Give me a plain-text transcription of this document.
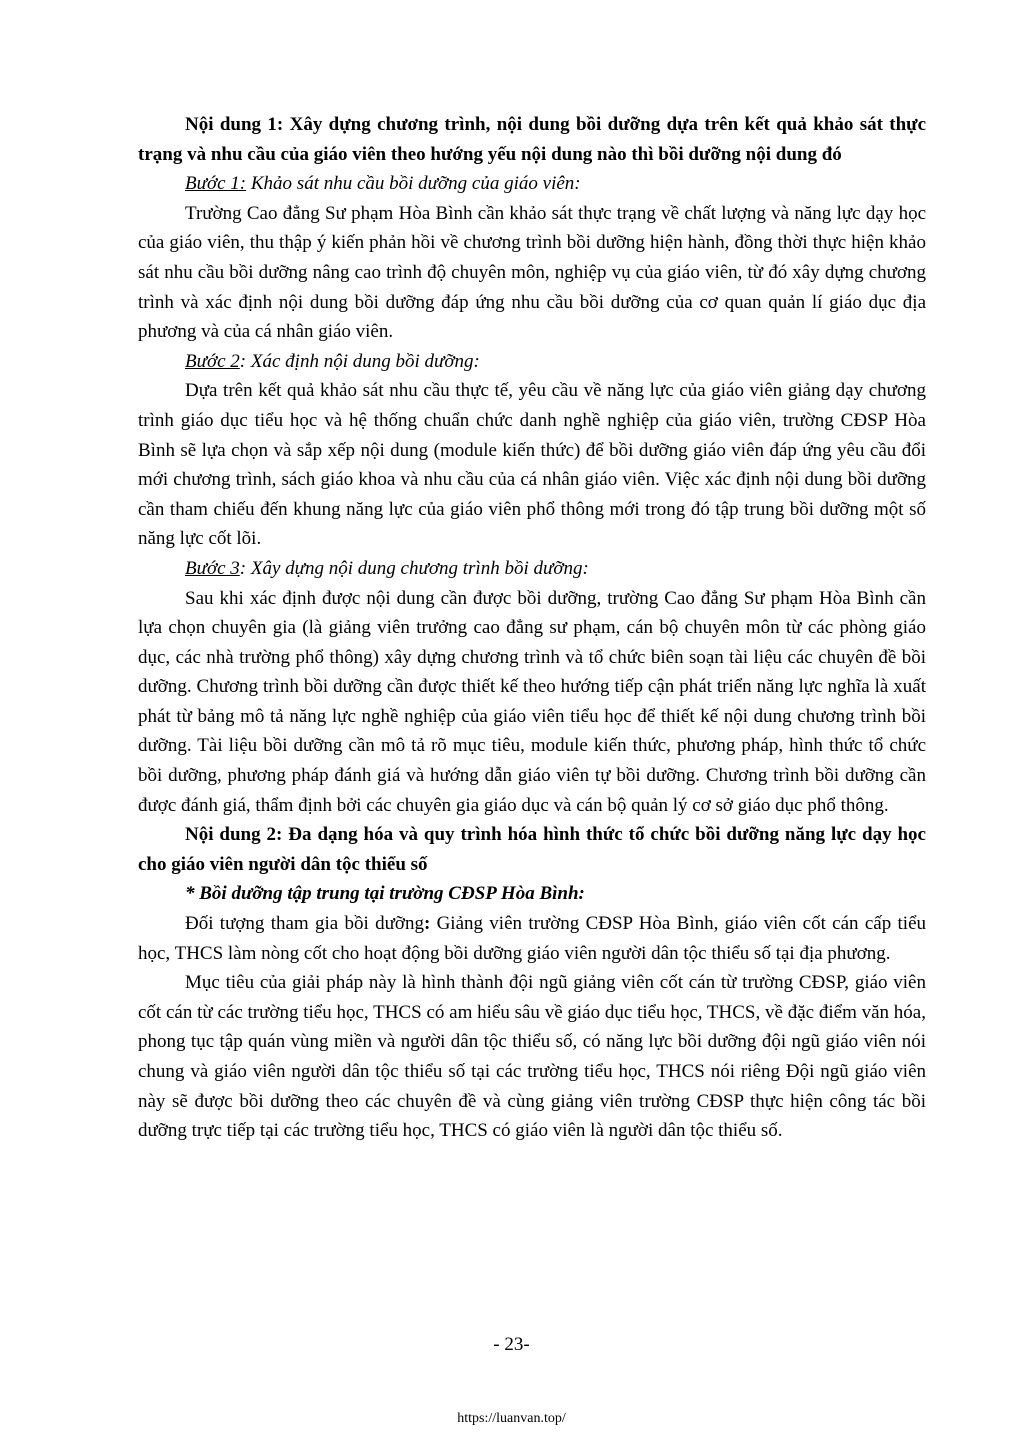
Nội dung 1: Xây dựng chương trình, nội dung bồi dưỡng dựa trên kết quả khảo sát thực trạng và nhu cầu của giáo viên theo hướng yếu nội dung nào thì bồi dưỡng nội dung đó

Bước 1: Khảo sát nhu cầu bồi dưỡng của giáo viên:

Trường Cao đẳng Sư phạm Hòa Bình cần khảo sát thực trạng về chất lượng và năng lực dạy học của giáo viên, thu thập ý kiến phản hồi về chương trình bồi dưỡng hiện hành, đồng thời thực hiện khảo sát nhu cầu bồi dưỡng nâng cao trình độ chuyên môn, nghiệp vụ của giáo viên, từ đó xây dựng chương trình và xác định nội dung bồi dưỡng đáp ứng nhu cầu bồi dưỡng của cơ quan quản lí giáo dục địa phương và của cá nhân giáo viên.

Bước 2: Xác định nội dung bồi dưỡng:

Dựa trên kết quả khảo sát nhu cầu thực tế, yêu cầu về năng lực của giáo viên giảng dạy chương trình giáo dục tiểu học và hệ thống chuẩn chức danh nghề nghiệp của giáo viên, trường CĐSP Hòa Bình sẽ lựa chọn và sắp xếp nội dung (module kiến thức) để bồi dưỡng giáo viên đáp ứng yêu cầu đổi mới chương trình, sách giáo khoa và nhu cầu của cá nhân giáo viên. Việc xác định nội dung bồi dưỡng cần tham chiếu đến khung năng lực của giáo viên phổ thông mới trong đó tập trung bồi dưỡng một số năng lực cốt lõi.

Bước 3: Xây dựng nội dung chương trình bồi dưỡng:

Sau khi xác định được nội dung cần được bồi dưỡng, trường Cao đẳng Sư phạm Hòa Bình cần lựa chọn chuyên gia (là giảng viên trưởng cao đẳng sư phạm, cán bộ chuyên môn từ các phòng giáo dục, các nhà trường phổ thông) xây dựng chương trình và tổ chức biên soạn tài liệu các chuyên đề bồi dưỡng. Chương trình bồi dưỡng cần được thiết kế theo hướng tiếp cận phát triển năng lực nghĩa là xuất phát từ bảng mô tả năng lực nghề nghiệp của giáo viên tiểu học để thiết kế nội dung chương trình bồi dưỡng. Tài liệu bồi dưỡng cần mô tả rõ mục tiêu, module kiến thức, phương pháp, hình thức tổ chức bồi dưỡng, phương pháp đánh giá và hướng dẫn giáo viên tự bồi dưỡng. Chương trình bồi dưỡng cần được đánh giá, thẩm định bởi các chuyên gia giáo dục và cán bộ quản lý cơ sở giáo dục phổ thông.

Nội dung 2: Đa dạng hóa và quy trình hóa hình thức tổ chức bồi dưỡng năng lực dạy học cho giáo viên người dân tộc thiểu số

* Bồi dưỡng tập trung tại trường CĐSP Hòa Bình:

Đối tượng tham gia bồi dưỡng: Giảng viên trường CĐSP Hòa Bình, giáo viên cốt cán cấp tiểu học, THCS làm nòng cốt cho hoạt động bồi dưỡng giáo viên người dân tộc thiểu số tại địa phương.

Mục tiêu của giải pháp này là hình thành đội ngũ giảng viên cốt cán từ trường CĐSP, giáo viên cốt cán từ các trường tiểu học, THCS có am hiểu sâu về giáo dục tiểu học, THCS, về đặc điểm văn hóa, phong tục tập quán vùng miền và người dân tộc thiểu số, có năng lực bồi dưỡng đội ngũ giáo viên nói chung và giáo viên người dân tộc thiểu số tại các trường tiểu học, THCS nói riêng Đội ngũ giáo viên này sẽ được bồi dưỡng theo các chuyên đề và cùng giảng viên trường CĐSP thực hiện công tác bồi dưỡng trực tiếp tại các trường tiểu học, THCS có giáo viên là người dân tộc thiểu số.

- 23-
https://luanvan.top/
